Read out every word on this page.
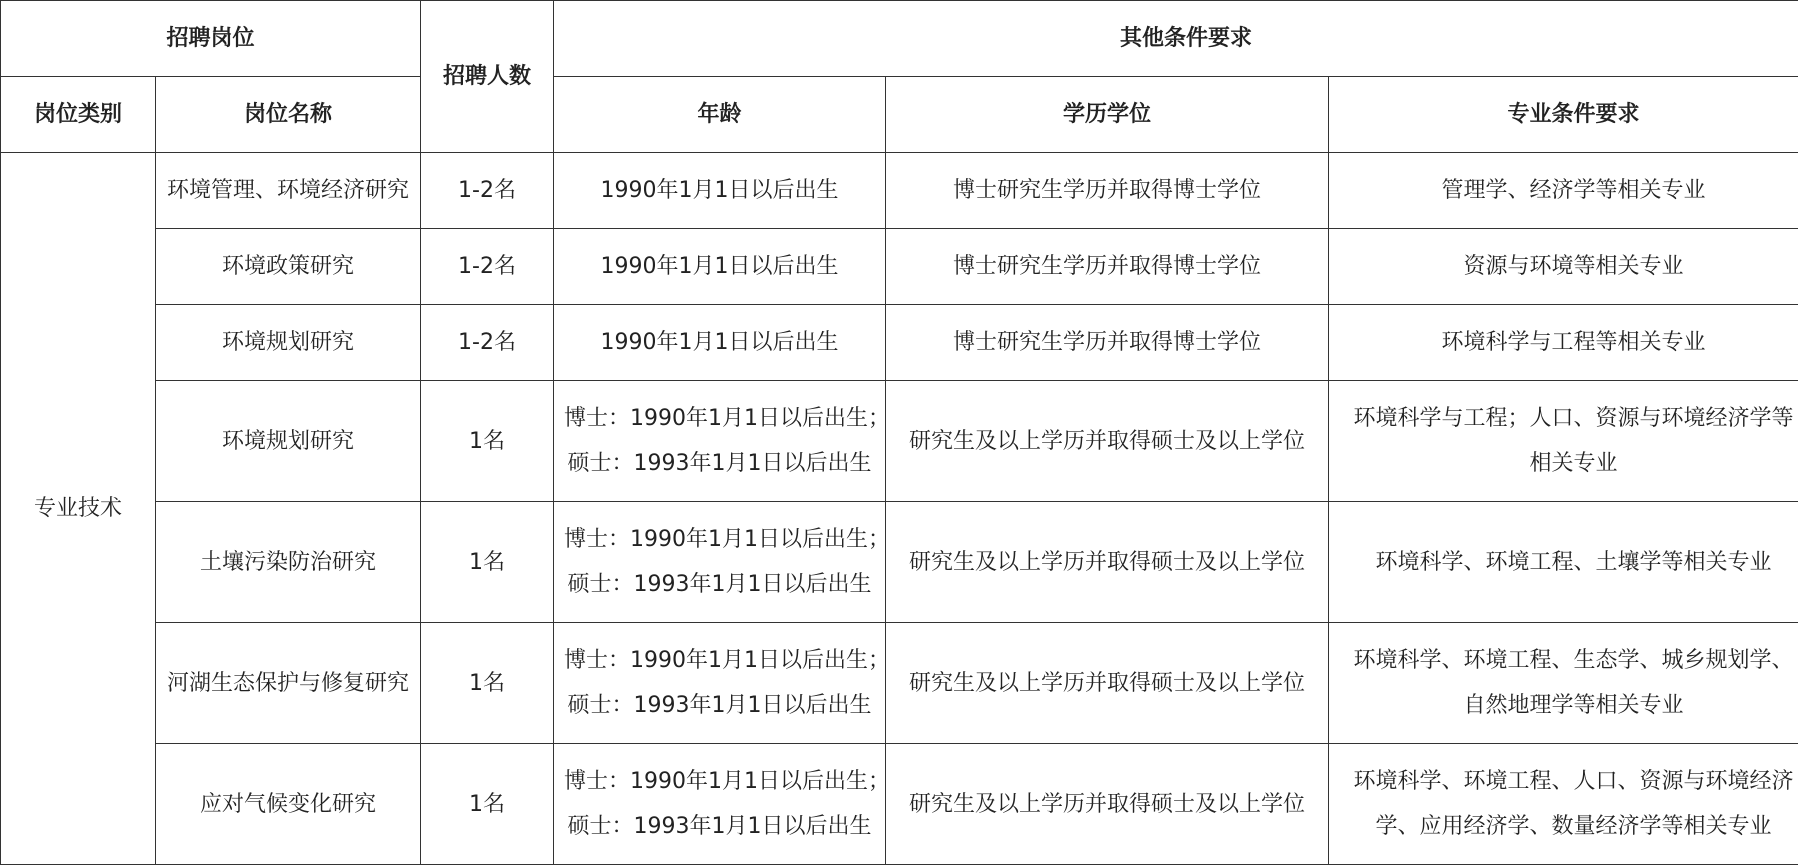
招聘岗位		招聘人数	其他条件要求		
岗位类别	岗位名称		年龄	学历学位	专业条件要求
专业技术	环境管理、环境经济研究	1-2名	1990年1月1日以后出生	博士研究生学历并取得博士学位	管理学、经济学等相关专业

	环境政策研究	1-2名	1990年1月1日以后出生	博士研究生学历并取得博士学位	资源与环境等相关专业

	环境规划研究	1-2名	1990年1月1日以后出生	博士研究生学历并取得博士学位	环境科学与工程等相关专业

	环境规划研究	1名	博士：1990年1月1日以后出生；
硕士：1993年1月1日以后出生	研究生及以上学历并取得硕士及以上学位	环境科学与工程；人口、资源与环境经济学等
相关专业

	土壤污染防治研究	1名	博士：1990年1月1日以后出生；
硕士：1993年1月1日以后出生	研究生及以上学历并取得硕士及以上学位	环境科学、环境工程、土壤学等相关专业

	河湖生态保护与修复研究	1名	博士：1990年1月1日以后出生；
硕士：1993年1月1日以后出生	研究生及以上学历并取得硕士及以上学位	环境科学、环境工程、生态学、城乡规划学、
自然地理学等相关专业

	应对气候变化研究	1名	博士：1990年1月1日以后出生；
硕士：1993年1月1日以后出生	研究生及以上学历并取得硕士及以上学位	环境科学、环境工程、人口、资源与环境经济
学、应用经济学、数量经济学等相关专业
